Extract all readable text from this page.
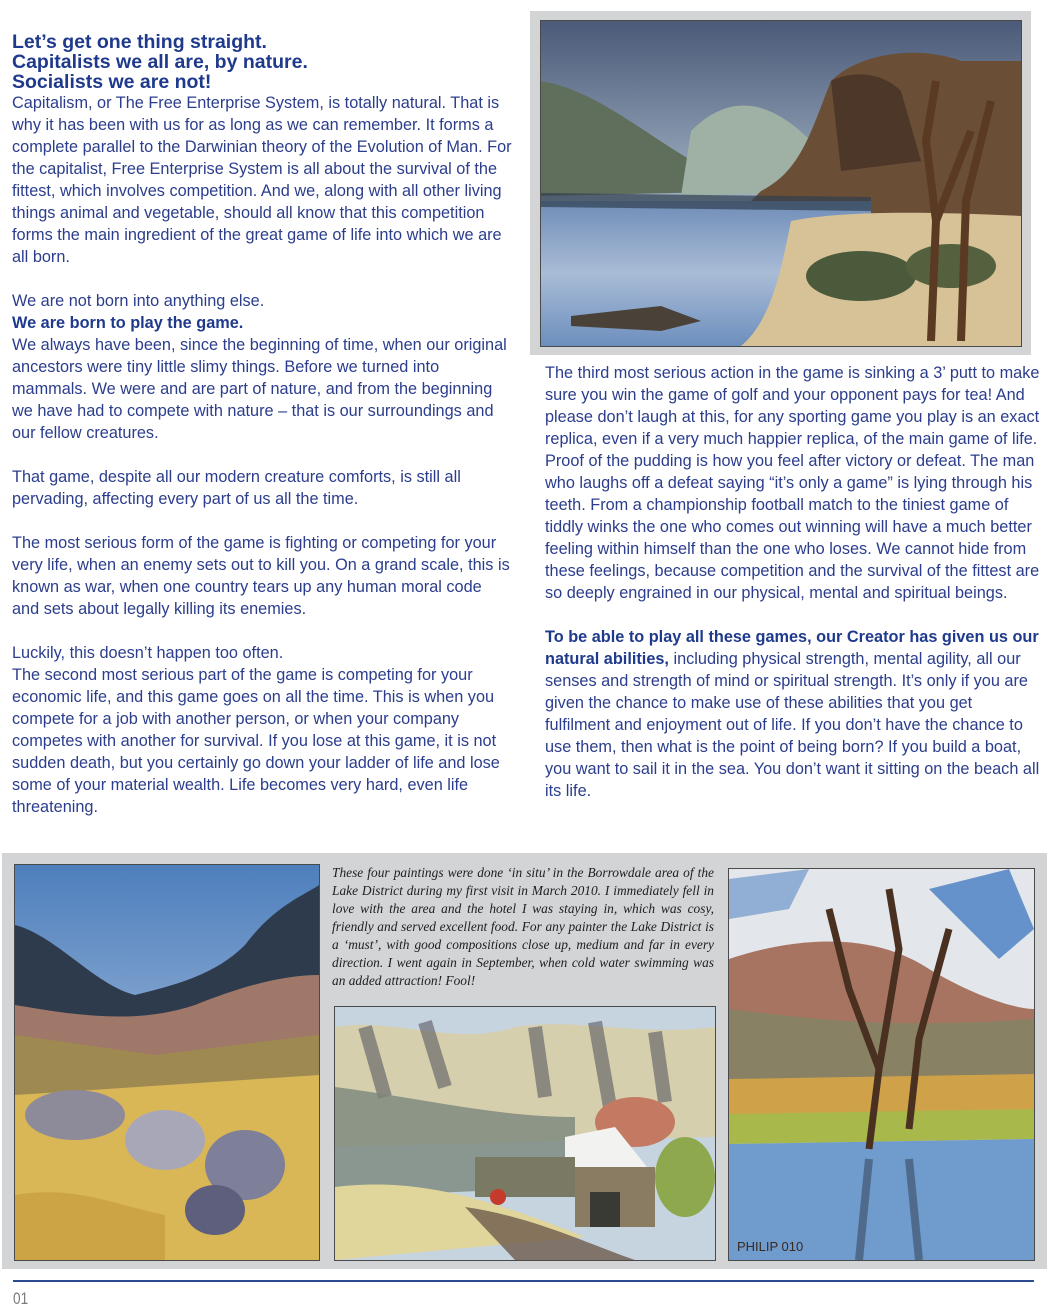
Let’s get one thing straight.
Capitalists we all are, by nature.
Socialists we are not!

Capitalism, or The Free Enterprise System, is totally natural. That is why it has been with us for as long as we can remember. It forms a complete parallel to the Darwinian theory of the Evolution of Man. For the capitalist, Free Enterprise System is all about the survival of the fittest, which involves competition. And we, along with all other living things animal and vegetable, should all know that this competition forms the main ingredient of the great game of life into which we are all born.

We are not born into anything else.

We are born to play the game.

We always have been, since the beginning of time, when our original ancestors were tiny little slimy things. Before we turned into mammals. We were and are part of nature, and from the beginning we have had to compete with nature – that is our surroundings and our fellow creatures.

That game, despite all our modern creature comforts, is still all pervading, affecting every part of us all the time.

The most serious form of the game is fighting or competing for your very life, when an enemy sets out to kill you. On a grand scale, this is known as war, when one country tears up any human moral code and sets about legally killing its enemies.

Luckily, this doesn’t happen too often.

The second most serious part of the game is competing for your economic life, and this game goes on all the time. This is when you compete for a job with another person, or when your company competes with another for survival. If you lose at this game, it is not sudden death, but you certainly go down your ladder of life and lose some of your material wealth. Life becomes very hard, even life threatening.

The third most serious action in the game is sinking a 3’ putt to make sure you win the game of golf and your opponent pays for tea! And please don’t laugh at this, for any sporting game you play is an exact replica, even if a very much happier replica, of the main game of life. Proof of the pudding is how you feel after victory or defeat. The man who laughs off a defeat saying “it’s only a game” is lying through his teeth. From a championship football match to the tiniest game of tiddly winks the one who comes out winning will have a much better feeling within himself than the one who loses. We cannot hide from these feelings, because competition and the survival of the fittest are so deeply engrained in our physical, mental and spiritual beings.

To be able to play all these games, our Creator has given us our natural abilities, including physical strength, mental agility, all our senses and strength of mind or spiritual strength. It’s only if you are given the chance to make use of these abilities that you get fulfilment and enjoyment out of life. If you don’t have the chance to use them, then what is the point of being born? If you build a boat, you want to sail it in the sea. You don’t want it sitting on the beach all its life.

These four paintings were done ‘in situ’ in the Borrowdale area of the Lake District during my first visit in March 2010. I immediately fell in love with the area and the hotel I was staying in, which was cosy, friendly and served excellent food. For any painter the Lake District is a ‘must’, with good compositions close up, medium and far in every direction. I went again in September, when cold water swimming was an added attraction! Fool!
PHILIP 010
01
